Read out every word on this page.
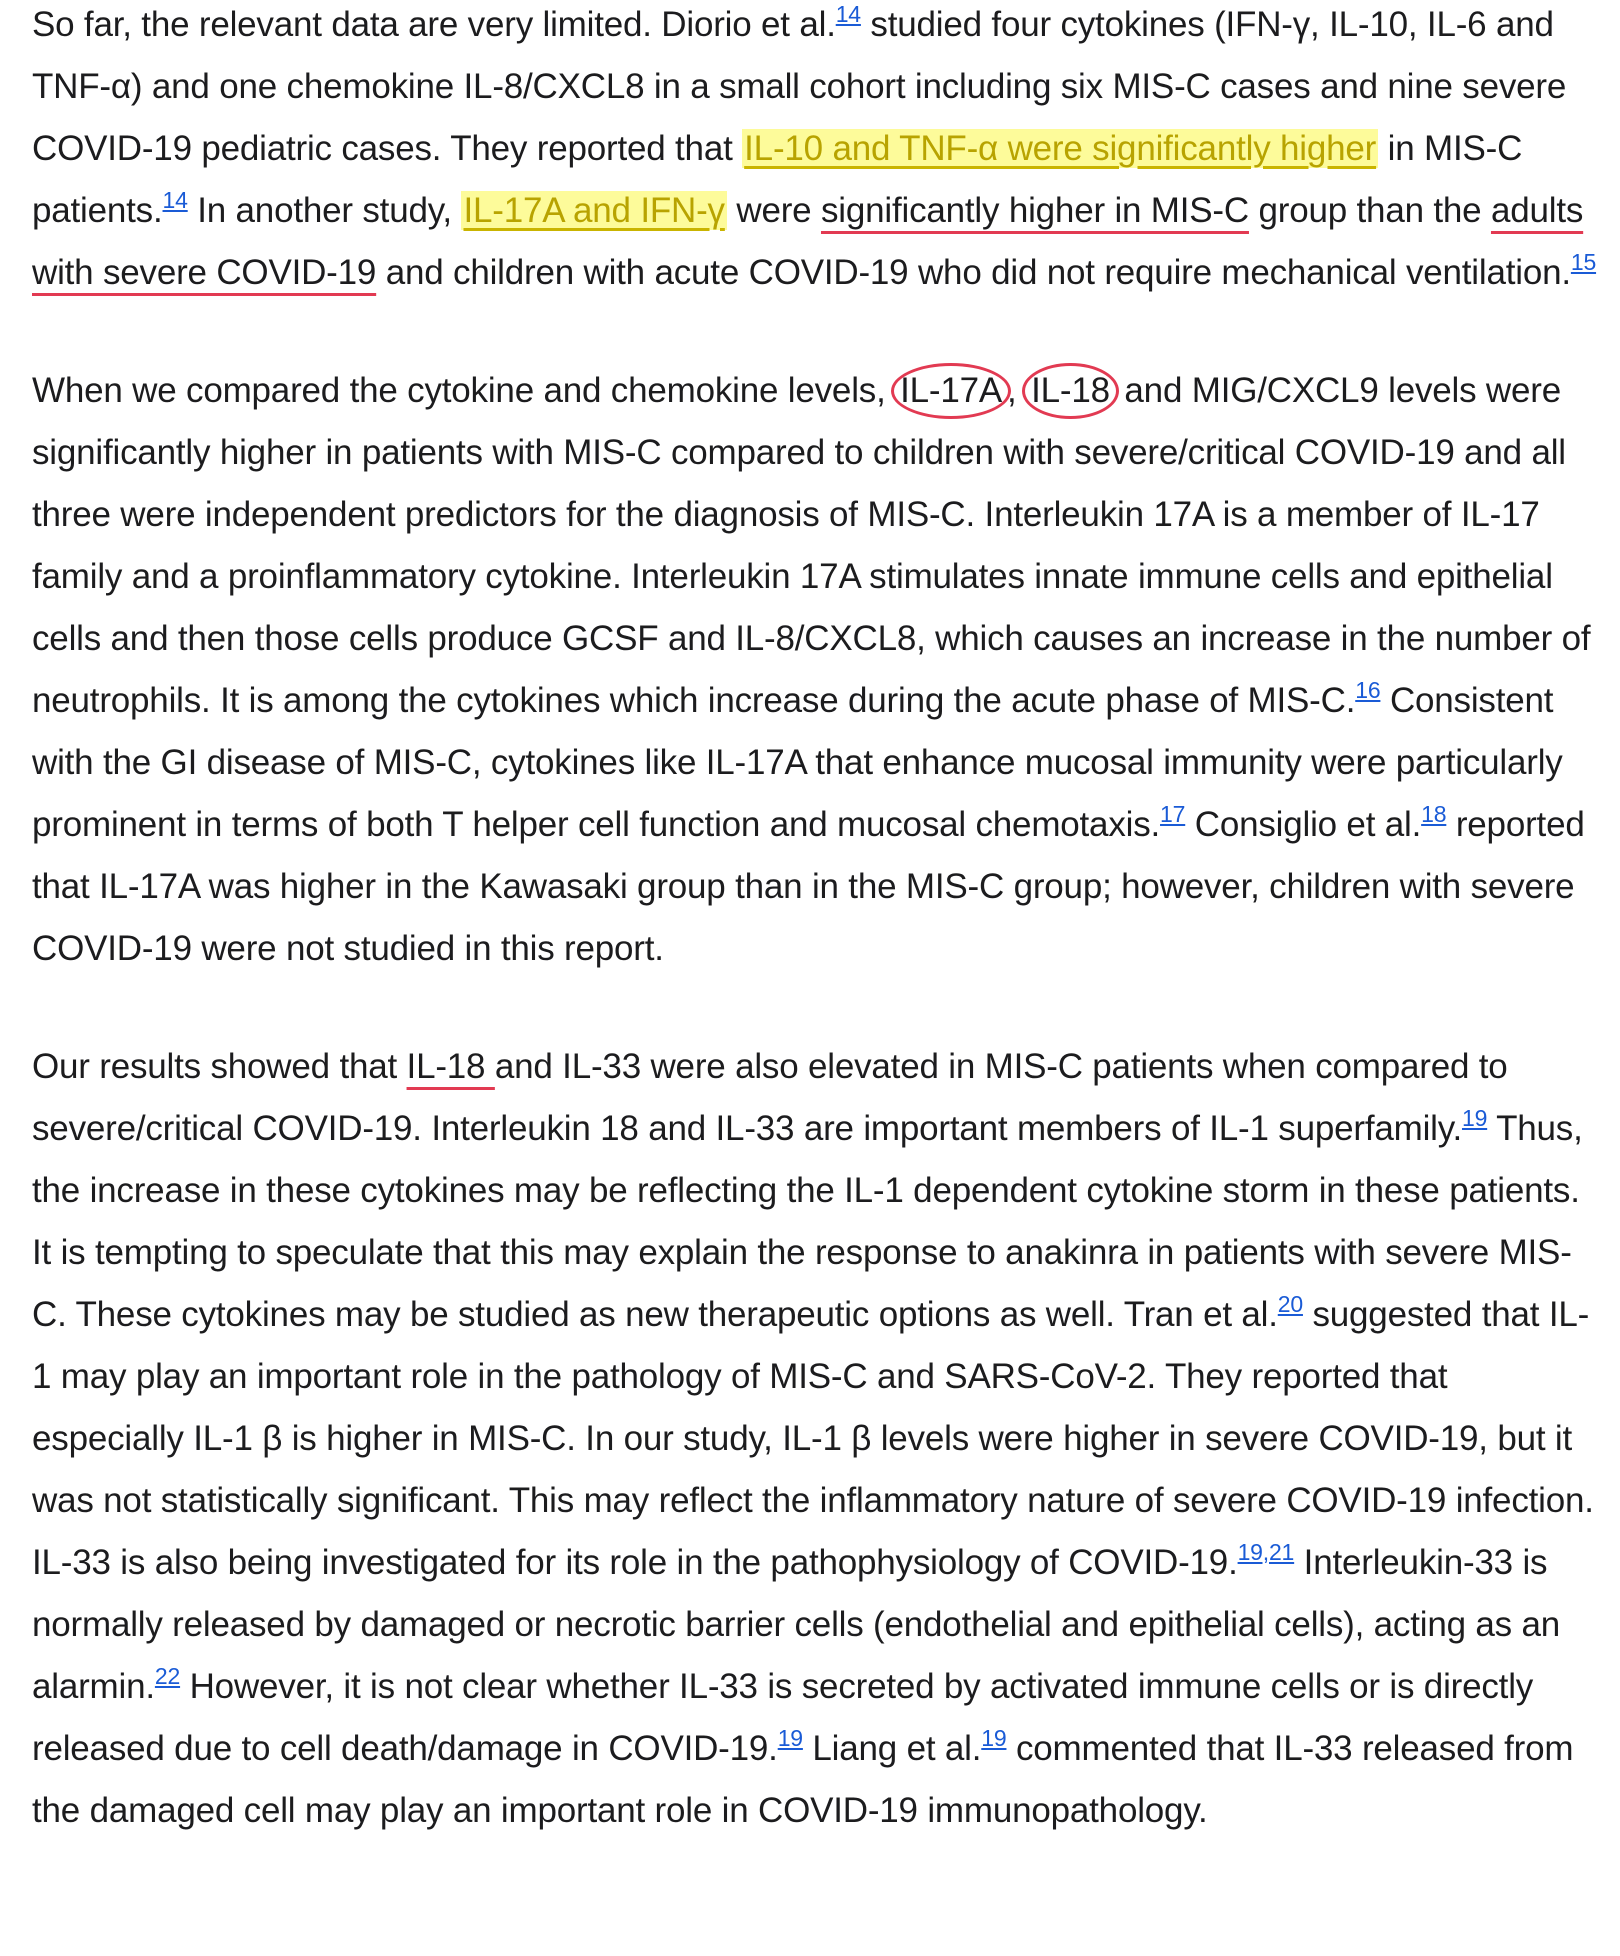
So far, the relevant data are very limited. Diorio et al.$^{14}$ studied four cytokines (IFN-γ, IL-10, IL-6 and TNF-α) and one chemokine IL-8/CXCL8 in a small cohort including six MIS-C cases and nine severe COVID-19 pediatric cases. They reported that IL-10 and TNF-α were significantly higher in MIS-C patients.$^{14}$ In another study, IL-17A and IFN-γ were significantly higher in MIS-C group than the adults with severe COVID-19 and children with acute COVID-19 who did not require mechanical ventilation.$^{15}$

When we compared the cytokine and chemokine levels, IL-17A , IL-18 and MIG/CXCL9 levels were significantly higher in patients with MIS-C compared to children with severe/critical COVID-19 and all three were independent predictors for the diagnosis of MIS-C. Interleukin 17A is a member of IL-17 family and a proinflammatory cytokine. Interleukin 17A stimulates innate immune cells and epithelial cells and then those cells produce GCSF and IL-8/CXCL8, which causes an increase in the number of neutrophils. It is among the cytokines which increase during the acute phase of MIS-C.$^{16}$ Consistent with the GI disease of MIS-C, cytokines like IL-17A that enhance mucosal immunity were particularly prominent in terms of both T helper cell function and mucosal chemotaxis.$^{17}$ Consiglio et al.$^{18}$ reported that IL-17A was higher in the Kawasaki group than in the MIS-C group; however, children with severe COVID-19 were not studied in this report.

Our results showed that IL-18 and IL-33 were also elevated in MIS-C patients when compared to severe/critical COVID-19. Interleukin 18 and IL-33 are important members of IL-1 superfamily.$^{19}$ Thus, the increase in these cytokines may be reflecting the IL-1 dependent cytokine storm in these patients. It is tempting to speculate that this may explain the response to anakinra in patients with severe MIS-C. These cytokines may be studied as new therapeutic options as well. Tran et al.$^{20}$ suggested that IL-1 may play an important role in the pathology of MIS-C and SARS-CoV-2. They reported that especially IL-1 β is higher in MIS-C. In our study, IL-1 β levels were higher in severe COVID-19, but it was not statistically significant. This may reflect the inflammatory nature of severe COVID-19 infection. IL-33 is also being investigated for its role in the pathophysiology of COVID-19.$^{19,21}$ Interleukin-33 is normally released by damaged or necrotic barrier cells (endothelial and epithelial cells), acting as an alarmin.$^{22}$ However, it is not clear whether IL-33 is secreted by activated immune cells or is directly released due to cell death/damage in COVID-19.19 Liang et al.$^{19}$ commented that IL-33 released from the damaged cell may play an important role in COVID-19 immunopathology.
